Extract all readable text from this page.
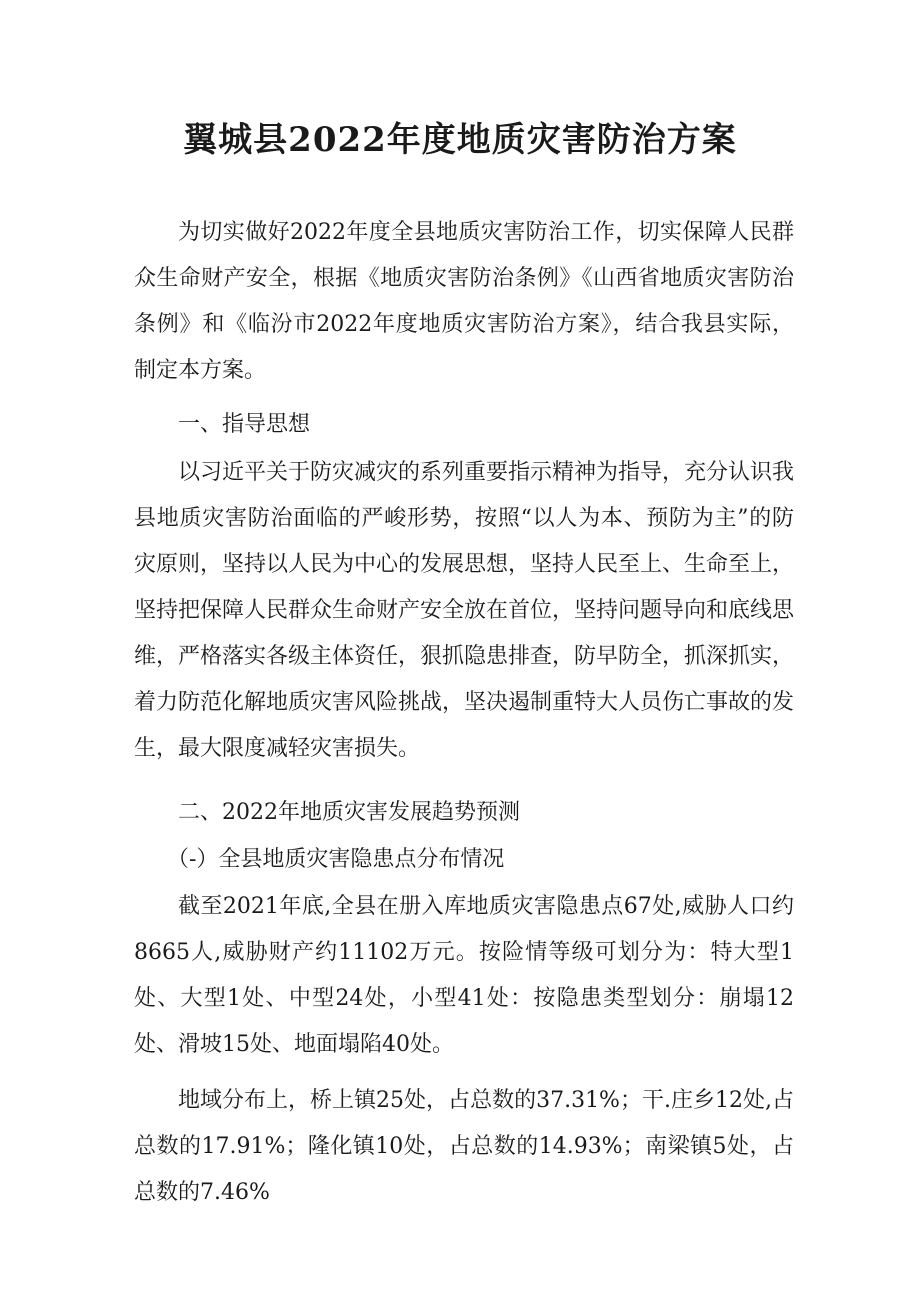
翼城县2022年度地质灾害防治方案

为切实做好2022年度全县地质灾害防治工作，切实保障人民群众生命财产安全，根据《地质灾害防治条例》《山西省地质灾害防治条例》和《临汾市2022年度地质灾害防治方案》，结合我县实际，制定本方案。

一、指导思想

以习近平关于防灾减灾的系列重要指示精神为指导，充分认识我县地质灾害防治面临的严峻形势，按照“以人为本、预防为主”的防灾原则，坚持以人民为中心的发展思想，坚持人民至上、生命至上，坚持把保障人民群众生命财产安全放在首位，坚持问题导向和底线思维，严格落实各级主体资任，狠抓隐患排查，防早防全，抓深抓实，着力防范化解地质灾害风险挑战，坚决遏制重特大人员伤亡事故的发生，最大限度减轻灾害损失。

二、2022年地质灾害发展趋势预测

（-）全县地质灾害隐患点分布情况

截至2021年底,全县在册入库地质灾害隐患点67处,威胁人口约8665人,威胁财产约11102万元。按险情等级可划分为：特大型1处、大型1处、中型24处，小型41处：按隐患类型划分：崩塌12处、滑坡15处、地面塌陷40处。

地域分布上，桥上镇25处，占总数的37.31%；干.庄乡12处,占总数的17.91%；隆化镇10处，占总数的14.93%；南梁镇5处，占总数的7.46%
